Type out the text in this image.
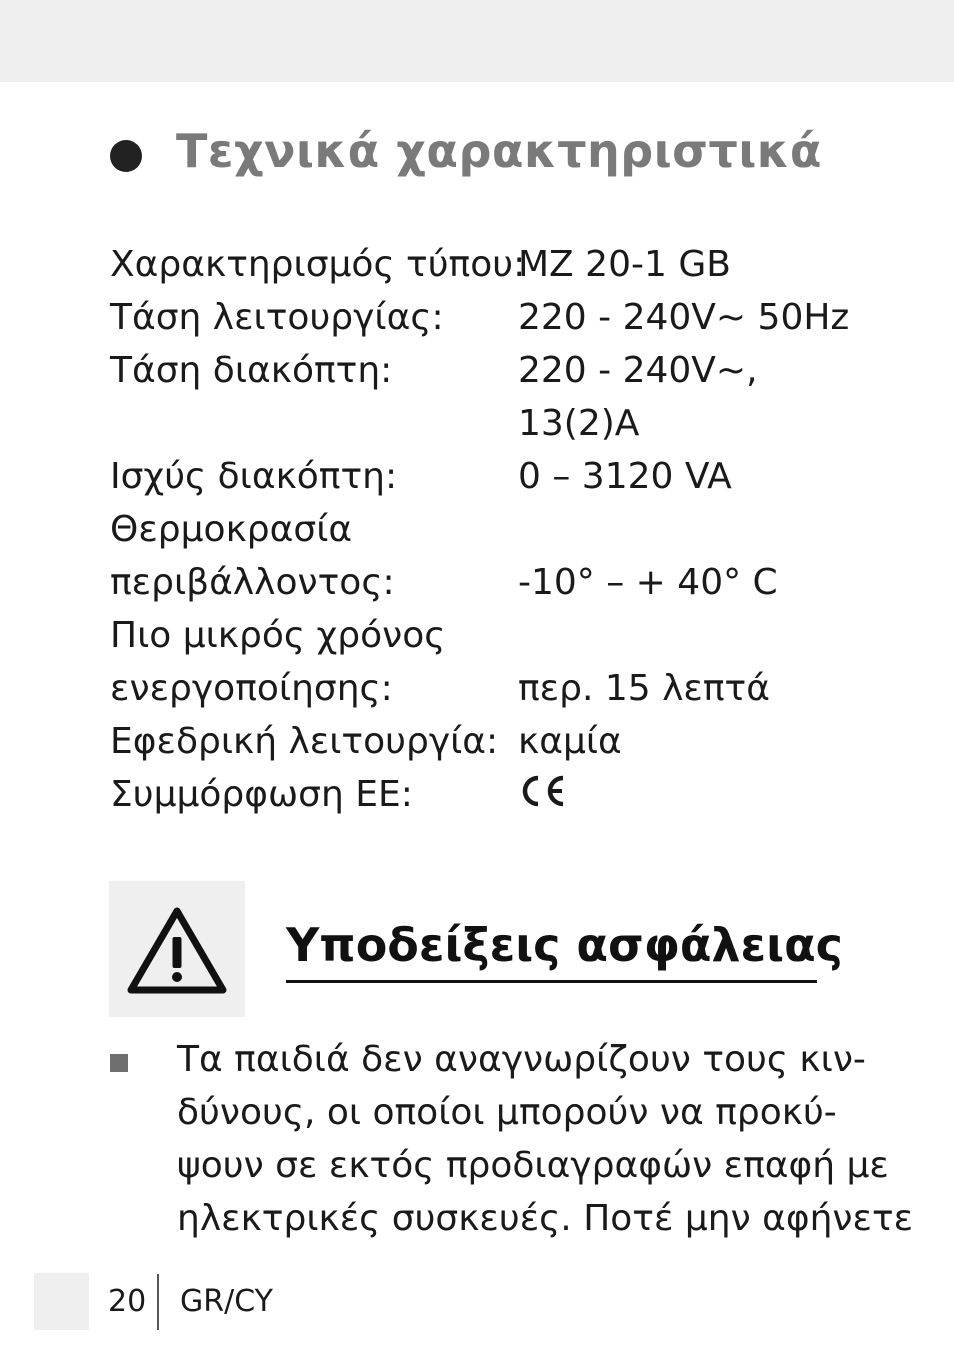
Τεχνικά χαρακτηριστικά
Χαρακτηρισμός τύπου:
MZ 20-1 GB
Τάση λειτουργίας: 220 - 240V~ 50Hz
Τάση διακόπτη:	220 - 240V~,
13(2)A
Ισχύς διακόπτη:	0 – 3120 VA
Θερμοκρασία
περιβάλλοντος:	-10° – + 40° C
Πιο μικρός χρόνος
ενεργοποίησης:	περ. 15 λεπτά
Εφεδρική λειτουργία: καμία
Συμμόρφωση ΕΕ:
Υποδείξεις ασφάλειας
Τα παιδιά δεν αναγνωρίζουν τους κιν-
δύνους, οι οποίοι μπορούν να προκύ-
ψουν σε εκτός προδιαγραφών επαφή με
ηλεκτρικές συσκευές. Ποτέ μην αφήνετε
20 GR/CY
